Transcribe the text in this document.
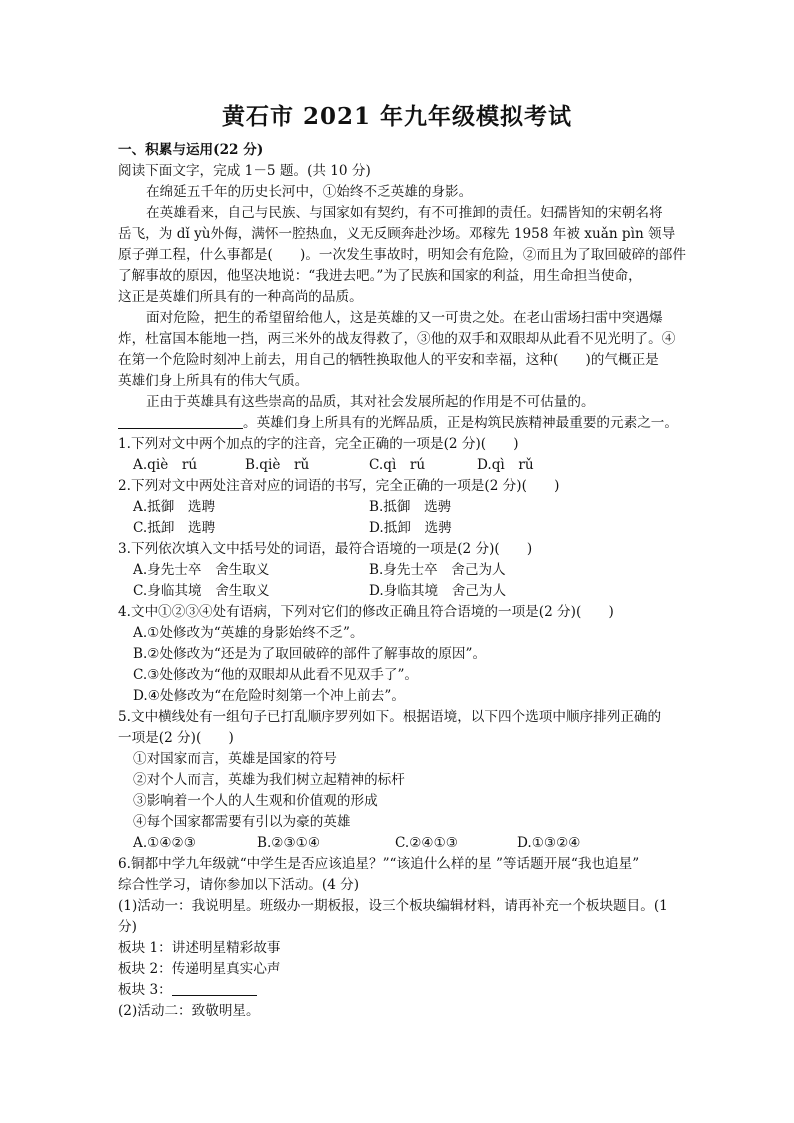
黄石市 2021 年九年级模拟考试
一、积累与运用(22 分)
阅读下面文字，完成 1－5 题。(共 10 分)
在绵延五千年的历史长河中，①始终不乏英雄的身影。
在英雄看来，自己与民族、与国家如有契约，有不可推卸的责任。妇孺皆知的宋朝名将
岳飞，为 dǐ yù外侮，满怀一腔热血，义无反顾奔赴沙场。邓稼先 1958 年被 xuǎn pìn 领导
原子弹工程，什么事都是(　　)。一次发生事故时，明知会有危险，②而且为了取回破碎的部件
了解事故的原因，他坚决地说：“我进去吧。”为了民族和国家的利益，用生命担当使命，
这正是英雄们所具有的一种高尚的品质。
面对危险，把生的希望留给他人，这是英雄的又一可贵之处。在老山雷场扫雷中突遇爆
炸，杜富国本能地一挡，两三米外的战友得救了，③他的双手和双眼却从此看不见光明了。④
在第一个危险时刻冲上前去，用自己的牺牲换取他人的平安和幸福，这种(　　)的气概正是
英雄们身上所具有的伟大气质。
正由于英雄具有这些崇高的品质，其对社会发展所起的作用是不可估量的。
。英雄们身上所具有的光辉品质，正是构筑民族精神最重要的元素之一。
1.下列对文中两个加点的字的注音，完全正确的一项是(2 分)(　　)
A.qiè　rú	B.qiè　rǔ	C.qì　rú	D.qì　rǔ
2.下列对文中两处注音对应的词语的书写，完全正确的一项是(2 分)(　　)
A.抵御　选聘	B.抵御　选骋
C.抵卸　选聘	D.抵卸　选骋
3.下列依次填入文中括号处的词语，最符合语境的一项是(2 分)(　　)
A.身先士卒　舍生取义	B.身先士卒　舍己为人
C.身临其境　舍生取义	D.身临其境　舍己为人
4.文中①②③④处有语病，下列对它们的修改正确且符合语境的一项是(2 分)(　　)
A.①处修改为“英雄的身影始终不乏”。
B.②处修改为“还是为了取回破碎的部件了解事故的原因”。
C.③处修改为“他的双眼却从此看不见双手了”。
D.④处修改为“在危险时刻第一个冲上前去”。
5.文中横线处有一组句子已打乱顺序罗列如下。根据语境，以下四个选项中顺序排列正确的
一项是(2 分)(　　)
①对国家而言，英雄是国家的符号
②对个人而言，英雄为我们树立起精神的标杆
③影响着一个人的人生观和价值观的形成
④每个国家都需要有引以为豪的英雄
A.①④②③	B.②③①④	C.②④①③	D.①③②④
6.铜都中学九年级就“中学生是否应该追星？”“该追什么样的星 ”等话题开展“我也追星”
综合性学习，请你参加以下活动。(4 分)
(1)活动一：我说明星。班级办一期板报，设三个板块编辑材料，请再补充一个板块题目。(1
分)
板块 1：讲述明星精彩故事
板块 2：传递明星真实心声
板块 3：
(2)活动二：致敬明星。
